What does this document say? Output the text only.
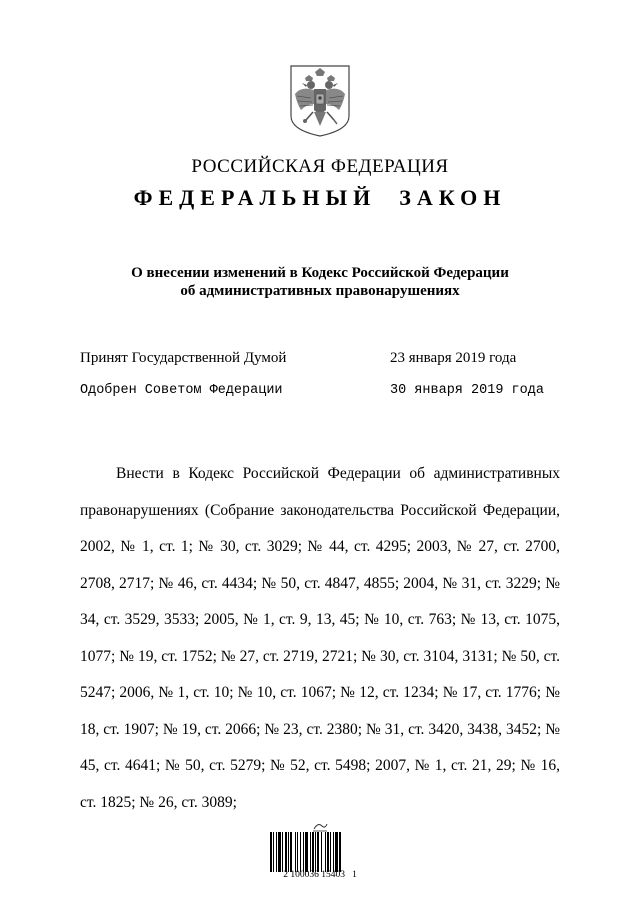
РОССИЙСКАЯ ФЕДЕРАЦИЯ
ФЕДЕРАЛЬНЫЙ  ЗАКОН
О внесении изменений в Кодекс Российской Федерации
об административных правонарушениях
Принят Государственной Думой	23 января 2019 года
Одобрен Советом Федерации	30 января 2019 года

Внести в Кодекс Российской Федерации об административных правонарушениях (Собрание законодательства Российской Федерации, 2002, № 1, ст. 1; № 30, ст. 3029; № 44, ст. 4295; 2003, № 27, ст. 2700, 2708, 2717; № 46, ст. 4434; № 50, ст. 4847, 4855; 2004, № 31, ст. 3229; № 34, ст. 3529, 3533; 2005, № 1, ст. 9, 13, 45; № 10, ст. 763; № 13, ст. 1075, 1077; № 19, ст. 1752; № 27, ст. 2719, 2721; № 30, ст. 3104, 3131; № 50, ст. 5247; 2006, № 1, ст. 10; № 10, ст. 1067; № 12, ст. 1234; № 17, ст. 1776; № 18, ст. 1907; № 19, ст. 2066; № 23, ст. 2380; № 31, ст. 3420, 3438, 3452; № 45, ст. 4641; № 50, ст. 5279; № 52, ст. 5498; 2007, № 1, ст. 21, 29; № 16, ст. 1825; № 26, ст. 3089;

2 100036 15403   1
